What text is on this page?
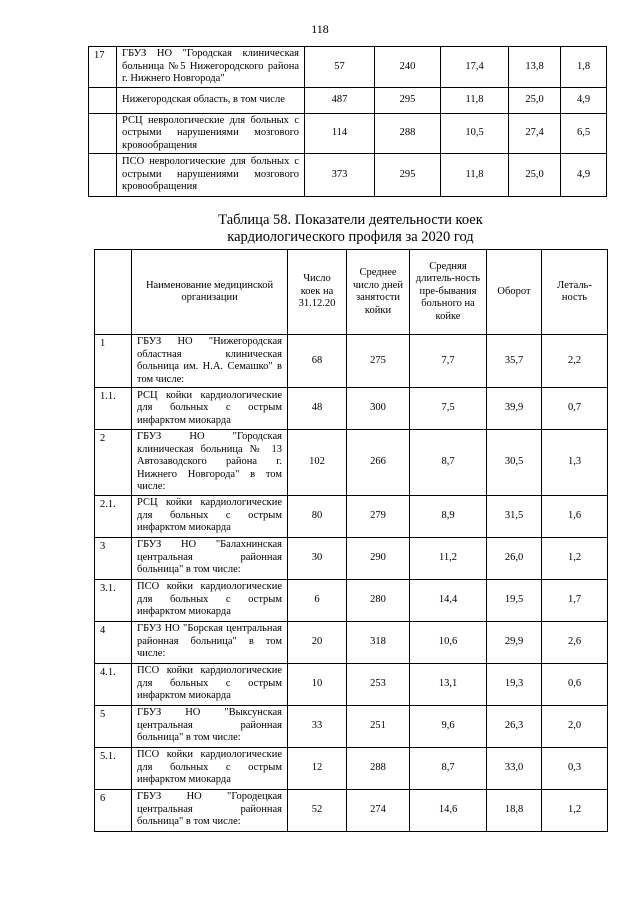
118
17	ГБУЗ НО "Городская клиническая больница №5 Нижегородского района г. Нижнего Новгорода"	57	240	17,4	13,8	1,8
	Нижегородская область, в том числе	487	295	11,8	25,0	4,9
	РСЦ неврологические для больных с острыми нарушениями мозгового кровообращения	114	288	10,5	27,4	6,5
	ПСО неврологические для больных с острыми нарушениями мозгового кровообращения	373	295	11,8	25,0	4,9
Таблица 58. Показатели деятельности коек
кардиологического профиля за 2020 год
	Наименование медицинской организации	Число коек на 31.12.20	Среднее число дней занятости койки	Средняя длитель-ность пре-бывания больного на койке	Оборот	Леталь-ность
1	ГБУЗ НО "Нижегородская областная клиническая больница им. Н.А. Семашко" в том числе:	68	275	7,7	35,7	2,2
1.1.	РСЦ койки кардиологические для больных с острым инфарктом миокарда	48	300	7,5	39,9	0,7
2	ГБУЗ НО "Городская клиническая больница № 13 Автозаводского района г. Нижнего Новгорода" в том числе:	102	266	8,7	30,5	1,3
2.1.	РСЦ койки кардиологические для больных с острым инфарктом миокарда	80	279	8,9	31,5	1,6
3	ГБУЗ НО "Балахнинская центральная районная больница" в том числе:	30	290	11,2	26,0	1,2
3.1.	ПСО койки кардиологические для больных с острым инфарктом миокарда	6	280	14,4	19,5	1,7
4	ГБУЗ НО "Борская центральная районная больница" в том числе:	20	318	10,6	29,9	2,6
4.1.	ПСО койки кардиологические для больных с острым инфарктом миокарда	10	253	13,1	19,3	0,6
5	ГБУЗ НО "Выксунская центральная районная больница" в том числе:	33	251	9,6	26,3	2,0
5.1.	ПСО койки кардиологические для больных с острым инфарктом миокарда	12	288	8,7	33,0	0,3
6	ГБУЗ НО "Городецкая центральная районная больница" в том числе:	52	274	14,6	18,8	1,2
